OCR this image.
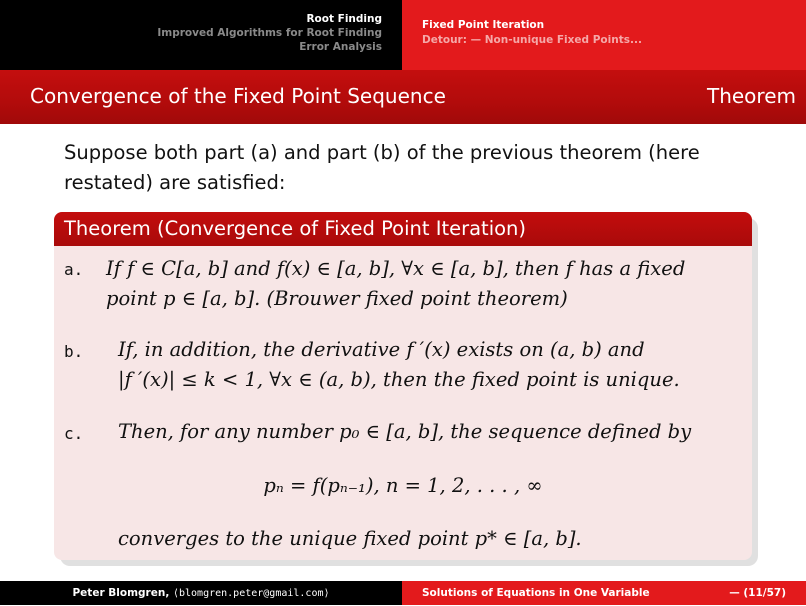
Root Finding
Improved Algorithms for Root Finding
Error Analysis
Fixed Point Iteration
Detour: — Non-unique Fixed Points...
Convergence of the Fixed Point Sequence	Theorem
Suppose both part (a) and part (b) of the previous theorem (here restated) are satisfied:
Theorem (Convergence of Fixed Point Iteration)
a. If f ∈ C[a, b] and f(x) ∈ [a, b], ∀x ∈ [a, b], then f has a fixed
point p ∈ [a, b]. (Brouwer fixed point theorem)
b. If, in addition, the derivative f ′(x) exists on (a, b) and
|f ′(x)| ≤ k < 1, ∀x ∈ (a, b), then the fixed point is unique.
c. Then, for any number p₀ ∈ [a, b], the sequence defined by
pₙ = f(pₙ₋₁), n = 1, 2, . . . , ∞
converges to the unique fixed point p* ∈ [a, b].
Peter Blomgren, ⟨blomgren.peter@gmail.com⟩	Solutions of Equations in One Variable	— (11/57)
